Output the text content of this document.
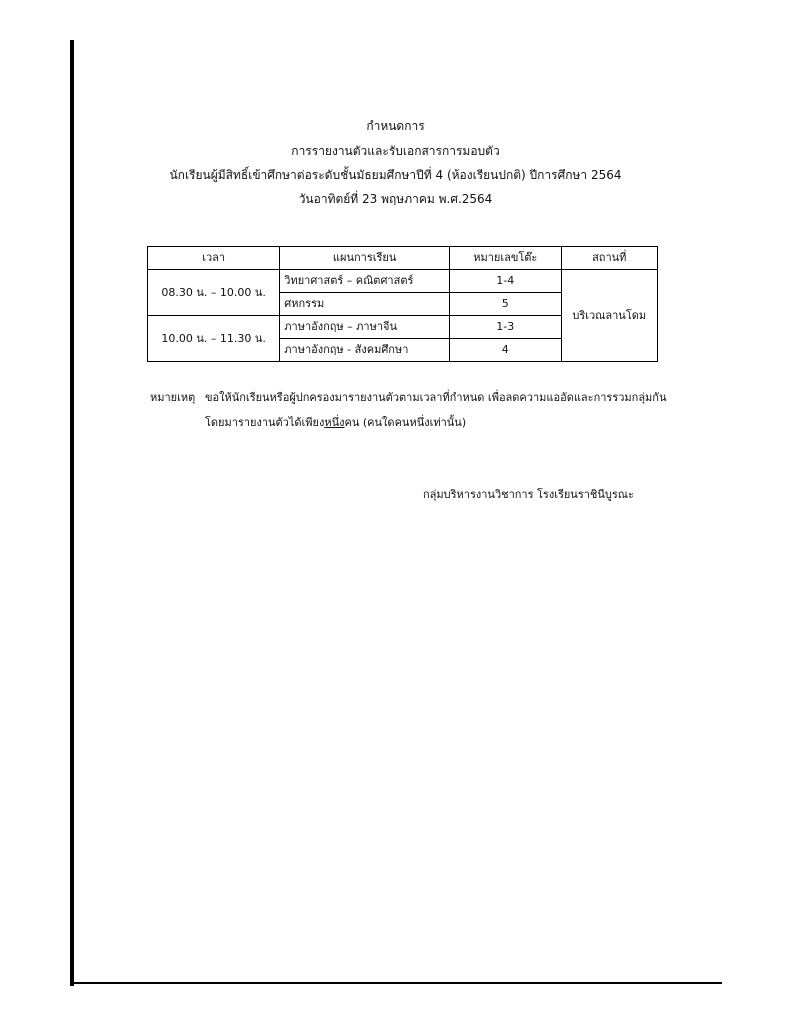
กำหนดการ
การรายงานตัวและรับเอกสารการมอบตัว
นักเรียนผู้มีสิทธิ์เข้าศึกษาต่อระดับชั้นมัธยมศึกษาปีที่ 4 (ห้องเรียนปกติ) ปีการศึกษา 2564
วันอาทิตย์ที่ 23 พฤษภาคม พ.ศ.2564
เวลา	แผนการเรียน	หมายเลขโต๊ะ	สถานที่
08.30 น. – 10.00 น.	วิทยาศาสตร์ – คณิตศาสตร์	1-4	บริเวณลานโดม
	ศหกรรม	5	
10.00 น. – 11.30 น.	ภาษาอังกฤษ – ภาษาจีน	1-3	
	ภาษาอังกฤษ - สังคมศึกษา	4	
หมายเหตุ ขอให้นักเรียนหรือผู้ปกครองมารายงานตัวตามเวลาที่กำหนด เพื่อลดความแออัดและการรวมกลุ่มกัน
โดยมารายงานตัวได้เพียงหนึ่งคน (คนใดคนหนึ่งเท่านั้น)
กลุ่มบริหารงานวิชาการ โรงเรียนราชินีบูรณะ
